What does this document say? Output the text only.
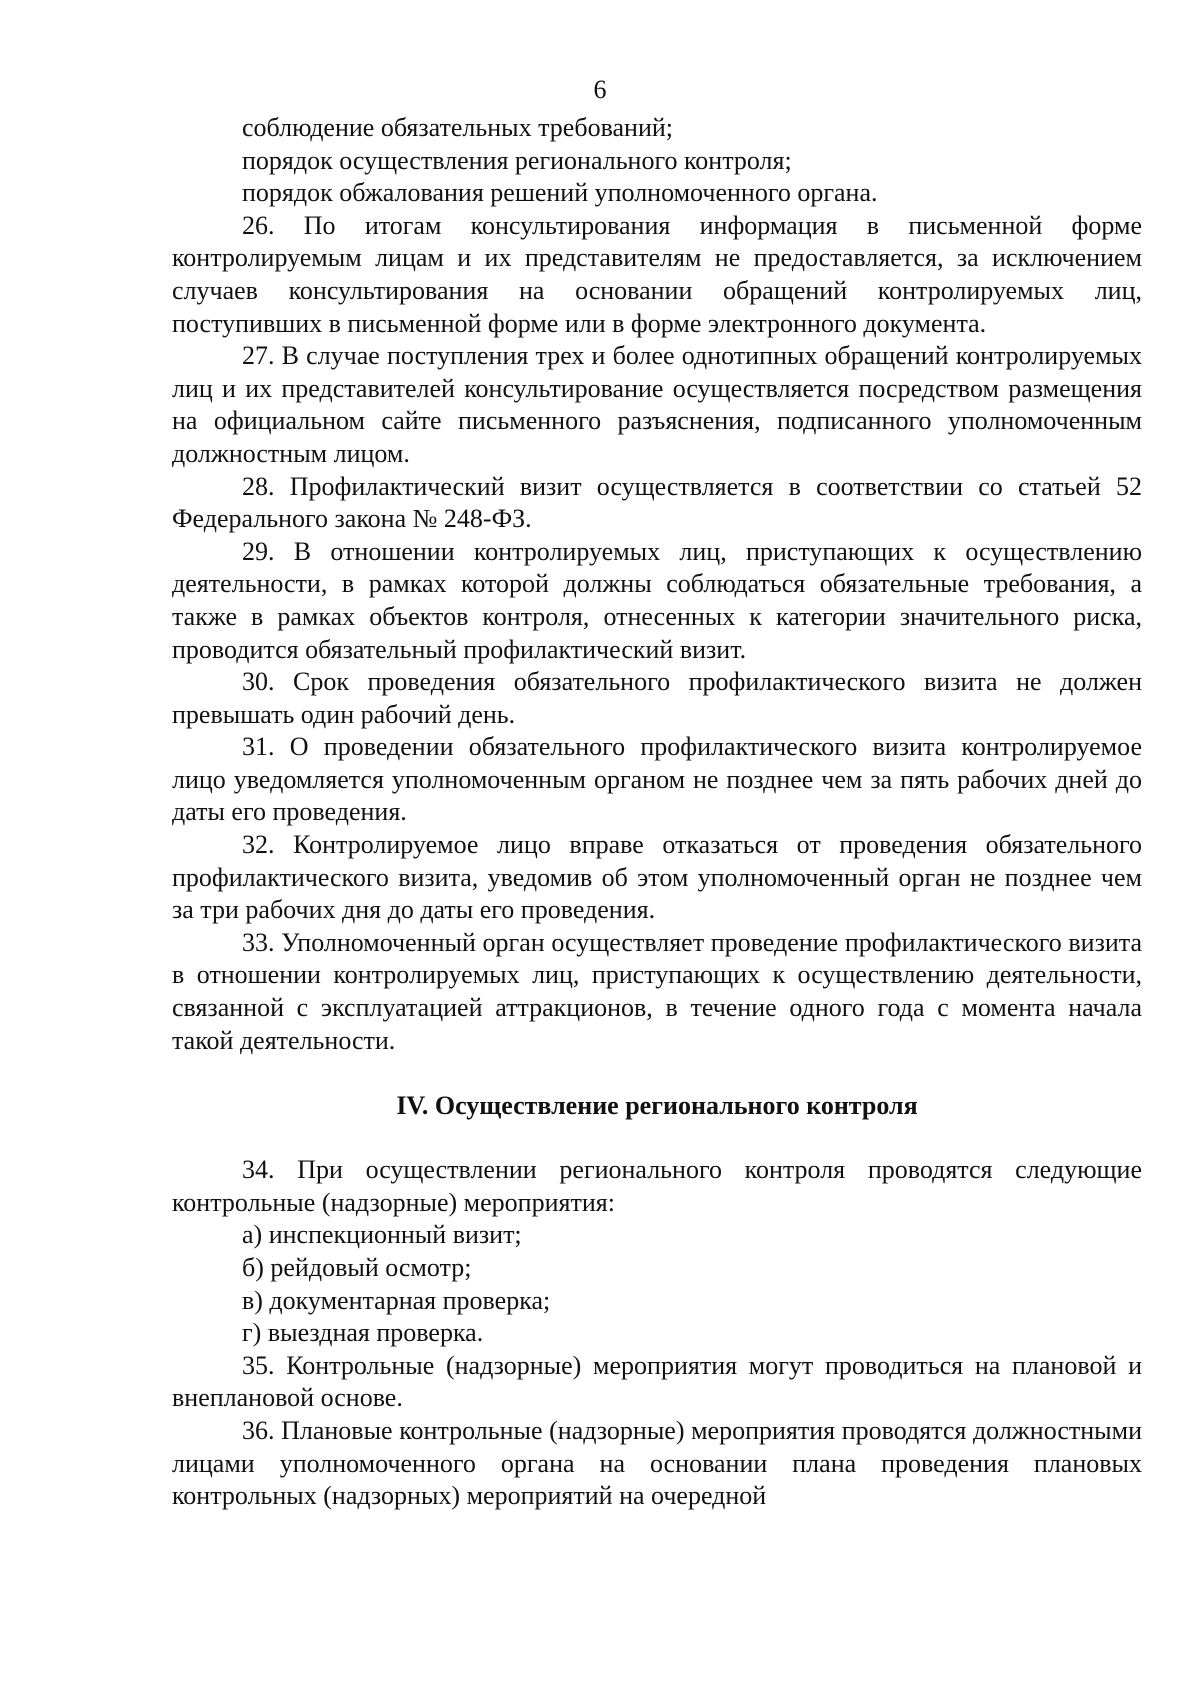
6

соблюдение обязательных требований;

порядок осуществления регионального контроля;

порядок обжалования решений уполномоченного органа.

26. По итогам консультирования информация в письменной форме контролируемым лицам и их представителям не предоставляется, за исключением случаев консультирования на основании обращений контролируемых лиц, поступивших в письменной форме или в форме электронного документа.

27. В случае поступления трех и более однотипных обращений контролируемых лиц и их представителей консультирование осуществляется посредством размещения на официальном сайте письменного разъяснения, подписанного уполномоченным должностным лицом.

28. Профилактический визит осуществляется в соответствии со статьей 52 Федерального закона № 248-ФЗ.

29. В отношении контролируемых лиц, приступающих к осуществлению деятельности, в рамках которой должны соблюдаться обязательные требования, а также в рамках объектов контроля, отнесенных к категории значительного риска, проводится обязательный профилактический визит.

30. Срок проведения обязательного профилактического визита не должен превышать один рабочий день.

31. О проведении обязательного профилактического визита контролируемое лицо уведомляется уполномоченным органом не позднее чем за пять рабочих дней до даты его проведения.

32. Контролируемое лицо вправе отказаться от проведения обязательного профилактического визита, уведомив об этом уполномоченный орган не позднее чем за три рабочих дня до даты его проведения.

33. Уполномоченный орган осуществляет проведение профилактического визита в отношении контролируемых лиц, приступающих к осуществлению деятельности, связанной с эксплуатацией аттракционов, в течение одного года с момента начала такой деятельности.

IV. Осуществление регионального контроля

34. При осуществлении регионального контроля проводятся следующие контрольные (надзорные) мероприятия:

а) инспекционный визит;

б) рейдовый осмотр;

в) документарная проверка;

г) выездная проверка.

35. Контрольные (надзорные) мероприятия могут проводиться на плановой и внеплановой основе.

36. Плановые контрольные (надзорные) мероприятия проводятся должностными лицами уполномоченного органа на основании плана проведения плановых контрольных (надзорных) мероприятий на очередной
